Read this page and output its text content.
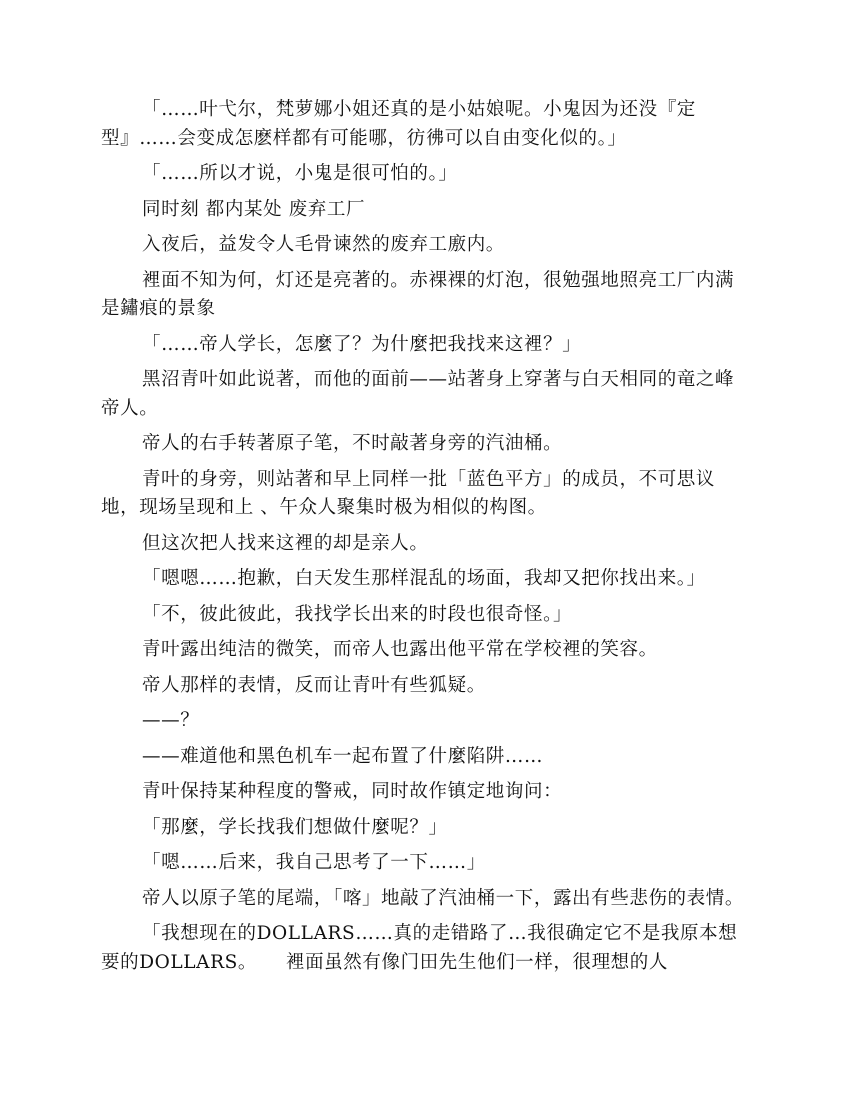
「……叶弋尔，梵萝娜小姐还真的是小姑娘呢。小鬼因为还没『定型』……会变成怎麽样都有可能哪，彷彿可以自由变化似的。」

「……所以才说，小鬼是很可怕的。」

同时刻 都内某处 废弃工厂

入夜后，益发令人毛骨谏然的废弃工廒内。

裡面不知为何，灯还是亮著的。赤裸裸的灯泡，很勉强地照亮工厂内满是鏽痕的景象

「……帝人学长，怎麼了？为什麼把我找来这裡？」

黑沼青叶如此说著，而他的面前——站著身上穿著与白天相同的竜之峰帝人。

帝人的右手转著原子笔，不时敲著身旁的汽油桶。

青叶的身旁，则站著和早上同样一批「蓝色平方」的成员，不可思议地，现场呈现和上 、午众人聚集时极为相似的构图。

但这次把人找来这裡的却是亲人。

「嗯嗯……抱歉，白天发生那样混乱的场面，我却又把你找出来。」

「不，彼此彼此，我找学长出来的时段也很奇怪。」

青叶露出纯洁的微笑，而帝人也露出他平常在学校裡的笑容。

帝人那样的表情，反而让青叶有些狐疑。

——？

——难道他和黑色机车一起布置了什麼陷阱……

青叶保持某种程度的警戒，同时故作镇定地询问：

「那麼，学长找我们想做什麼呢？」

「嗯……后来，我自己思考了一下……」

帝人以原子笔的尾端，「喀」地敲了汽油桶一下，露出有些悲伤的表情。

「我想现在的DOLLARS……真的走错路了…我很确定它不是我原本想要的DOLLARS。　　裡面虽然有像门田先生他们一样，很理想的人
